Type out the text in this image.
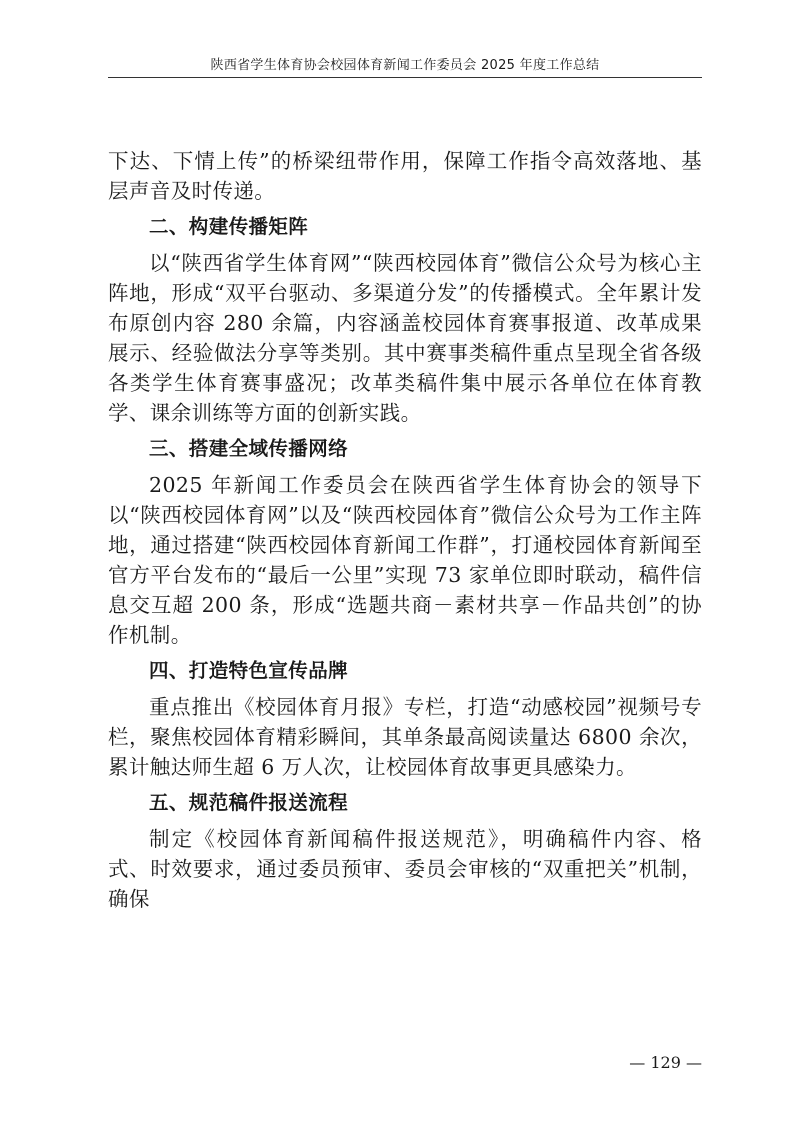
陕西省学生体育协会校园体育新闻工作委员会 2025 年度工作总结

下达、下情上传”的桥梁纽带作用，保障工作指令高效落地、基层声音及时传递。

二、构建传播矩阵

以“陕西省学生体育网”“陕西校园体育”微信公众号为核心主阵地，形成“双平台驱动、多渠道分发”的传播模式。全年累计发布原创内容 280 余篇，内容涵盖校园体育赛事报道、改革成果展示、经验做法分享等类别。其中赛事类稿件重点呈现全省各级各类学生体育赛事盛况；改革类稿件集中展示各单位在体育教学、课余训练等方面的创新实践。

三、搭建全域传播网络

2025 年新闻工作委员会在陕西省学生体育协会的领导下以“陕西校园体育网”以及“陕西校园体育”微信公众号为工作主阵地，通过搭建“陕西校园体育新闻工作群”，打通校园体育新闻至官方平台发布的“最后一公里”实现 73 家单位即时联动，稿件信息交互超 200 条，形成“选题共商－素材共享－作品共创”的协作机制。

四、打造特色宣传品牌

重点推出《校园体育月报》专栏，打造“动感校园”视频号专栏，聚焦校园体育精彩瞬间，其单条最高阅读量达 6800 余次，累计触达师生超 6 万人次，让校园体育故事更具感染力。

五、规范稿件报送流程

制定《校园体育新闻稿件报送规范》，明确稿件内容、格式、时效要求，通过委员预审、委员会审核的“双重把关”机制，确保

— 129 —
